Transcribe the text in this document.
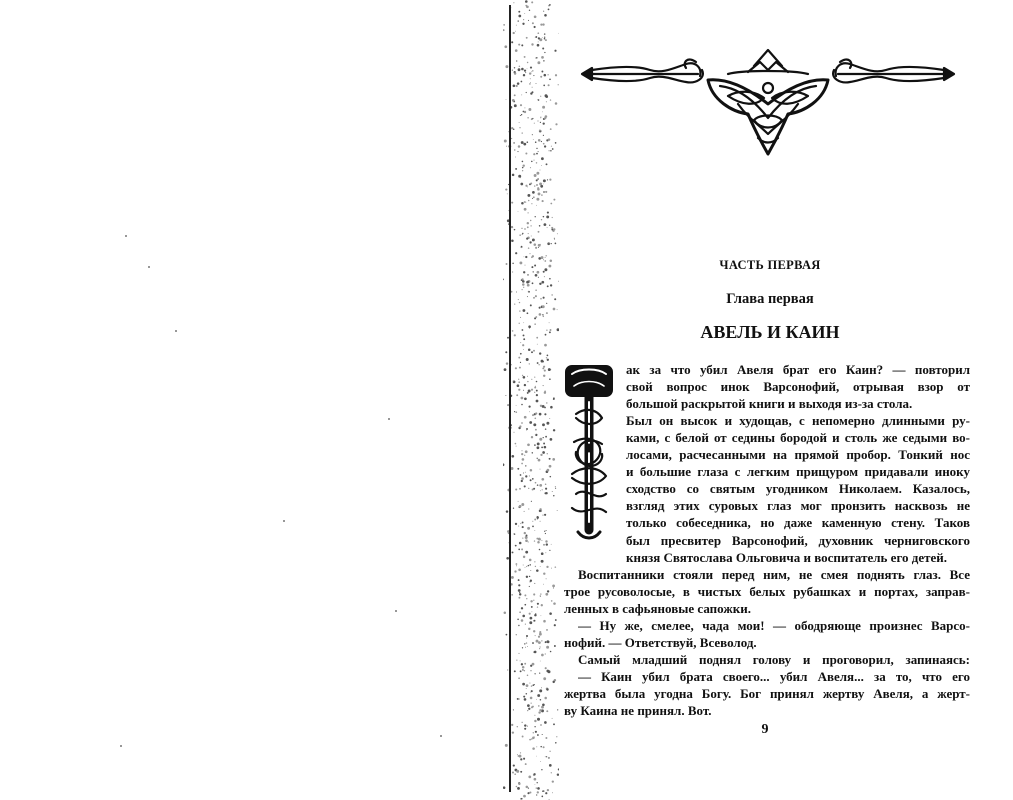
ЧАСТЬ ПЕРВАЯ
Глава первая
АВЕЛЬ И КАИН
ак за что убил Авеля брат его Каин? — повторил
свой вопрос инок Варсонофий, отрывая взор от
большой раскрытой книги и выходя из-за стола.
Был он высок и худощав, с непомерно длинными ру-
ками, с белой от седины бородой и столь же седыми во-
лосами, расчесанными на прямой пробор. Тонкий нос
и большие глаза с легким прищуром придавали иноку
сходство со святым угодником Николаем. Казалось,
взгляд этих суровых глаз мог пронзить насквозь не
только собеседника, но даже каменную стену. Таков
был пресвитер Варсонофий, духовник черниговского
князя Святослава Ольговича и воспитатель его детей.
Воспитанники стояли перед ним, не смея поднять глаз. Все
трое русоволосые, в чистых белых рубашках и портах, заправ-
ленных в сафьяновые сапожки.
— Ну же, смелее, чада мои! — ободряюще произнес Варсо-
нофий. — Ответствуй, Всеволод.
Самый младший поднял голову и проговорил, запинаясь:
— Каин убил брата своего... убил Авеля... за то, что его
жертва была угодна Богу. Бог принял жертву Авеля, а жерт-
ву Каина не принял. Вот.
9
